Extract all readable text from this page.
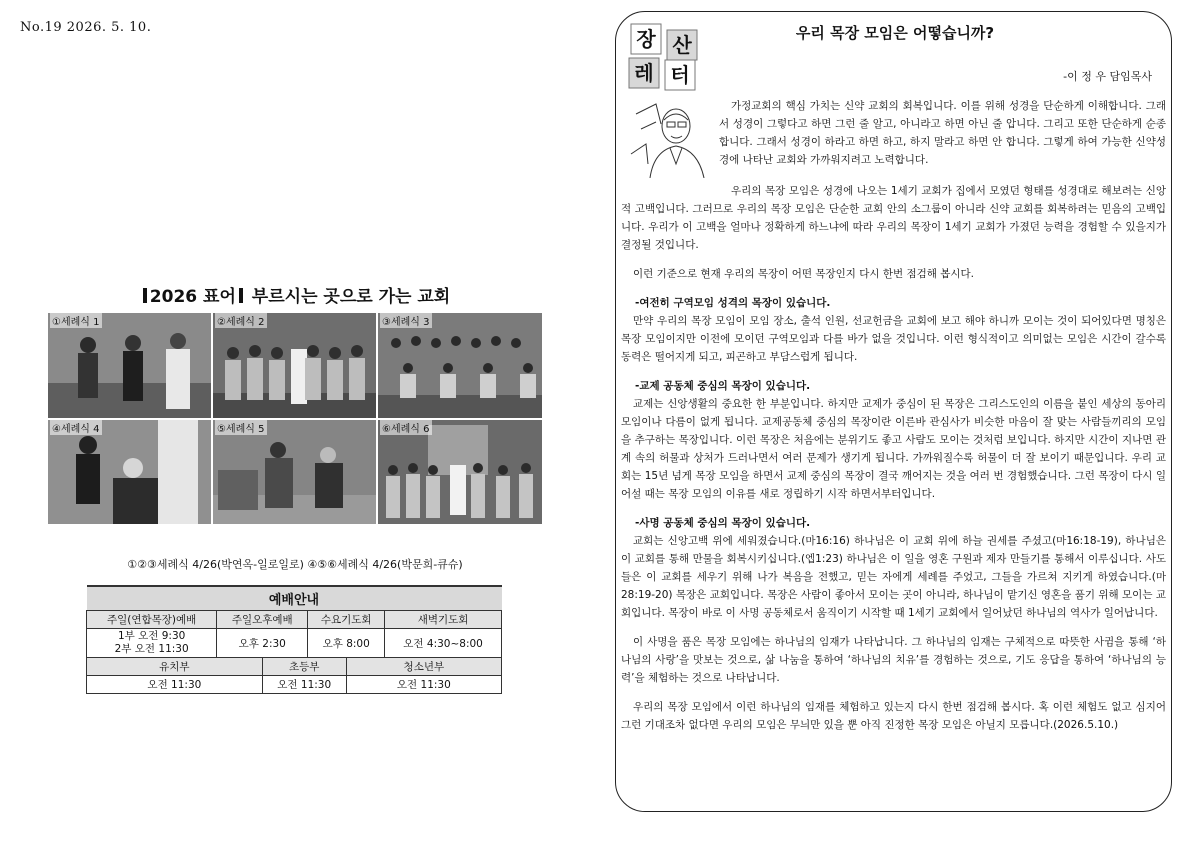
No.19 2026. 5. 10.
2026 표어 부르시는 곳으로 가는 교회
①세례식 1	②세례식 2	③세례식 3
④세례식 4	⑤세례식 5	⑥세례식 6
①②③세례식 4/26(박연옥-일로일로) ④⑤⑥세례식 4/26(박문희-큐슈)
예배안내					
주일(연합목장)예배	주일오후예배		수요기도회		새벽기도회

1부 오전 9:30
2부 오전 11:30	오후 2:30		오후 8:00		오전 4:30~8:00
유치부		초등부		청소년부	
오전 11:30		오전 11:30		오전 11:30	
장 산
레 터
우리 목장 모임은 어떻습니까?
-이 정 우 담임목사

가정교회의 핵심 가치는 신약 교회의 회복입니다. 이를 위해 성경을 단순하게 이해합니다. 그래서 성경이 그렇다고 하면 그런 줄 알고, 아니라고 하면 아닌 줄 압니다. 그리고 또한 단순하게 순종합니다. 그래서 성경이 하라고 하면 하고, 하지 말라고 하면 안 합니다. 그렇게 하여 가능한 신약성경에 나타난 교회와 가까워지려고 노력합니다.

우리의 목장 모임은 성경에 나오는 1세기 교회가 집에서 모였던 형태를 성경대로 해보려는 신앙적 고백입니다. 그러므로 우리의 목장 모임은 단순한 교회 안의 소그룹이 아니라 신약 교회를 회복하려는 믿음의 고백입니다. 우리가 이 고백을 얼마나 정확하게 하느냐에 따라 우리의 목장이 1세기 교회가 가졌던 능력을 경험할 수 있을지가 결정될 것입니다.

이런 기준으로 현재 우리의 목장이 어떤 목장인지 다시 한번 점검해 봅시다.

-여전히 구역모임 성격의 목장이 있습니다.

만약 우리의 목장 모임이 모임 장소, 출석 인원, 선교헌금을 교회에 보고 해야 하니까 모이는 것이 되어있다면 명칭은 목장 모임이지만 이전에 모이던 구역모임과 다를 바가 없을 것입니다. 이런 형식적이고 의미없는 모임은 시간이 갈수록 동력은 떨어지게 되고, 피곤하고 부담스럽게 됩니다.

-교제 공동체 중심의 목장이 있습니다.

교제는 신앙생활의 중요한 한 부분입니다. 하지만 교제가 중심이 된 목장은 그리스도인의 이름을 붙인 세상의 동아리 모임이나 다름이 없게 됩니다. 교제공동체 중심의 목장이란 이른바 관심사가 비슷한 마음이 잘 맞는 사람들끼리의 모임을 추구하는 목장입니다. 이런 목장은 처음에는 분위기도 좋고 사람도 모이는 것처럼 보입니다. 하지만 시간이 지나면 관계 속의 허물과 상처가 드러나면서 여러 문제가 생기게 됩니다. 가까워질수록 허물이 더 잘 보이기 때문입니다. 우리 교회는 15년 넘게 목장 모임을 하면서 교제 중심의 목장이 결국 깨어지는 것을 여러 번 경험했습니다. 그런 목장이 다시 일어설 때는 목장 모임의 이유를 새로 정립하기 시작 하면서부터입니다.

-사명 공동체 중심의 목장이 있습니다.

교회는 신앙고백 위에 세워졌습니다.(마16:16) 하나님은 이 교회 위에 하늘 권세를 주셨고(마16:18-19), 하나님은 이 교회를 통해 만물을 회복시키십니다.(엡1:23) 하나님은 이 일을 영혼 구원과 제자 만들기를 통해서 이루십니다. 사도들은 이 교회를 세우기 위해 나가 복음을 전했고, 믿는 자에게 세례를 주었고, 그들을 가르쳐 지키게 하였습니다.(마28:19-20) 목장은 교회입니다. 목장은 사람이 좋아서 모이는 곳이 아니라, 하나님이 맡기신 영혼을 품기 위해 모이는 교회입니다. 목장이 바로 이 사명 공동체로서 움직이기 시작할 때 1세기 교회에서 일어났던 하나님의 역사가 일어납니다.

이 사명을 품은 목장 모임에는 하나님의 임재가 나타납니다. 그 하나님의 임재는 구체적으로 따뜻한 사귐을 통해 ‘하나님의 사랑’을 맛보는 것으로, 삶 나눔을 통하여 ‘하나님의 치유’를 경험하는 것으로, 기도 응답을 통하여 ‘하나님의 능력’을 체험하는 것으로 나타납니다.

우리의 목장 모임에서 이런 하나님의 임재를 체험하고 있는지 다시 한번 점검해 봅시다. 혹 이런 체험도 없고 심지어 그런 기대조차 없다면 우리의 모임은 무늬만 있을 뿐 아직 진정한 목장 모임은 아닐지 모릅니다.(2026.5.10.)
